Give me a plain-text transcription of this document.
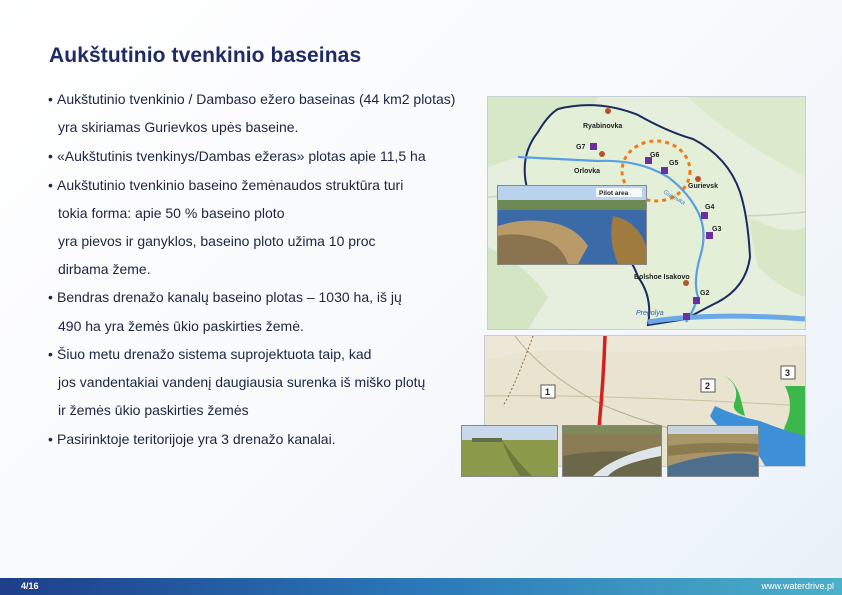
Aukštutinio tvenkinio baseinas
• Aukštutinio tvenkinio / Dambaso ežero baseinas (44 km2 plotas)
yra skiriamas Gurievkos upės baseine.
• «Aukštutinis tvenkinys/Dambas ežeras» plotas apie 11,5 ha
• Aukštutinio tvenkinio baseino žemėnaudos struktūra turi
tokia forma: apie 50 % baseino ploto
yra pievos ir ganyklos, baseino ploto užima 10 proc
dirbama žeme.
• Bendras drenažo kanalų baseino plotas – 1030 ha, iš jų
490 ha yra žemės ūkio paskirties žemė.
• Šiuo metu drenažo sistema suprojektuota taip, kad
jos vandentakiai vandenį daugiausia surenka iš miško plotų
ir žemės ūkio paskirties žemės
• Pasirinktoje teritorijoje yra 3 drenažo kanalai.
Ryabinovka
Orlovka
Gurievsk
Bolshoe Isakovo
G7
G6
G5
G4
G3
G2
Gurievka
Pregolya
Pilot area
1
2
3
4/16	www.waterdrive.pl
